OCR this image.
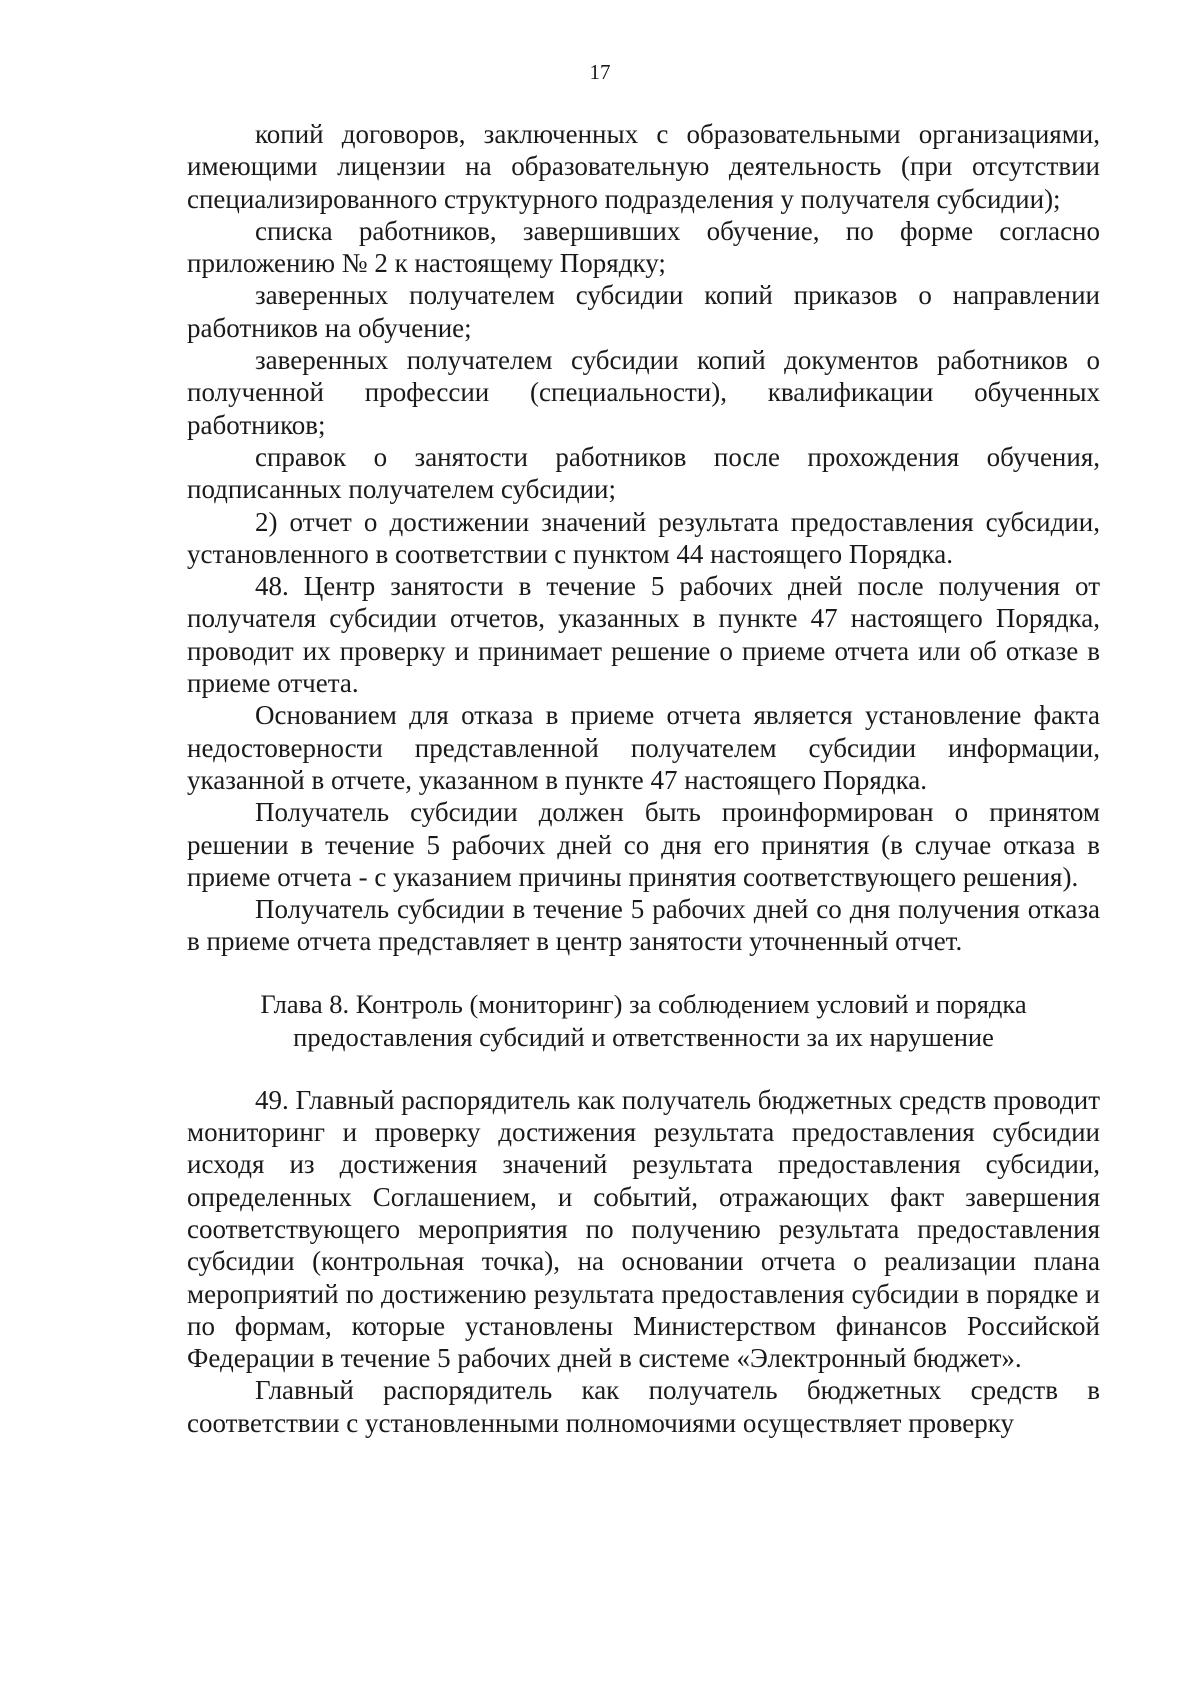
17

копий договоров, заключенных с образовательными организациями, имеющими лицензии на образовательную деятельность (при отсутствии специализированного структурного подразделения у получателя субсидии);

списка работников, завершивших обучение, по форме согласно приложению № 2 к настоящему Порядку;

заверенных получателем субсидии копий приказов о направлении работников на обучение;

заверенных получателем субсидии копий документов работников о полученной профессии (специальности), квалификации обученных работников;

справок о занятости работников после прохождения обучения, подписанных получателем субсидии;

2) отчет о достижении значений результата предоставления субсидии, установленного в соответствии с пунктом 44 настоящего Порядка.

48. Центр занятости в течение 5 рабочих дней после получения от получателя субсидии отчетов, указанных в пункте 47 настоящего Порядка, проводит их проверку и принимает решение о приеме отчета или об отказе в приеме отчета.

Основанием для отказа в приеме отчета является установление факта недостоверности представленной получателем субсидии информации, указанной в отчете, указанном в пункте 47 настоящего Порядка.

Получатель субсидии должен быть проинформирован о принятом решении в течение 5 рабочих дней со дня его принятия (в случае отказа в приеме отчета - с указанием причины принятия соответствующего решения).

Получатель субсидии в течение 5 рабочих дней со дня получения отказа в приеме отчета представляет в центр занятости уточненный отчет.

Глава 8. Контроль (мониторинг) за соблюдением условий и порядка
предоставления субсидий и ответственности за их нарушение

49. Главный распорядитель как получатель бюджетных средств проводит мониторинг и проверку достижения результата предоставления субсидии исходя из достижения значений результата предоставления субсидии, определенных Соглашением, и событий, отражающих факт завершения соответствующего мероприятия по получению результата предоставления субсидии (контрольная точка), на основании отчета о реализации плана мероприятий по достижению результата предоставления субсидии в порядке и по формам, которые установлены Министерством финансов Российской Федерации в течение 5 рабочих дней в системе «Электронный бюджет».

Главный распорядитель как получатель бюджетных средств в соответствии с установленными полномочиями осуществляет проверку
